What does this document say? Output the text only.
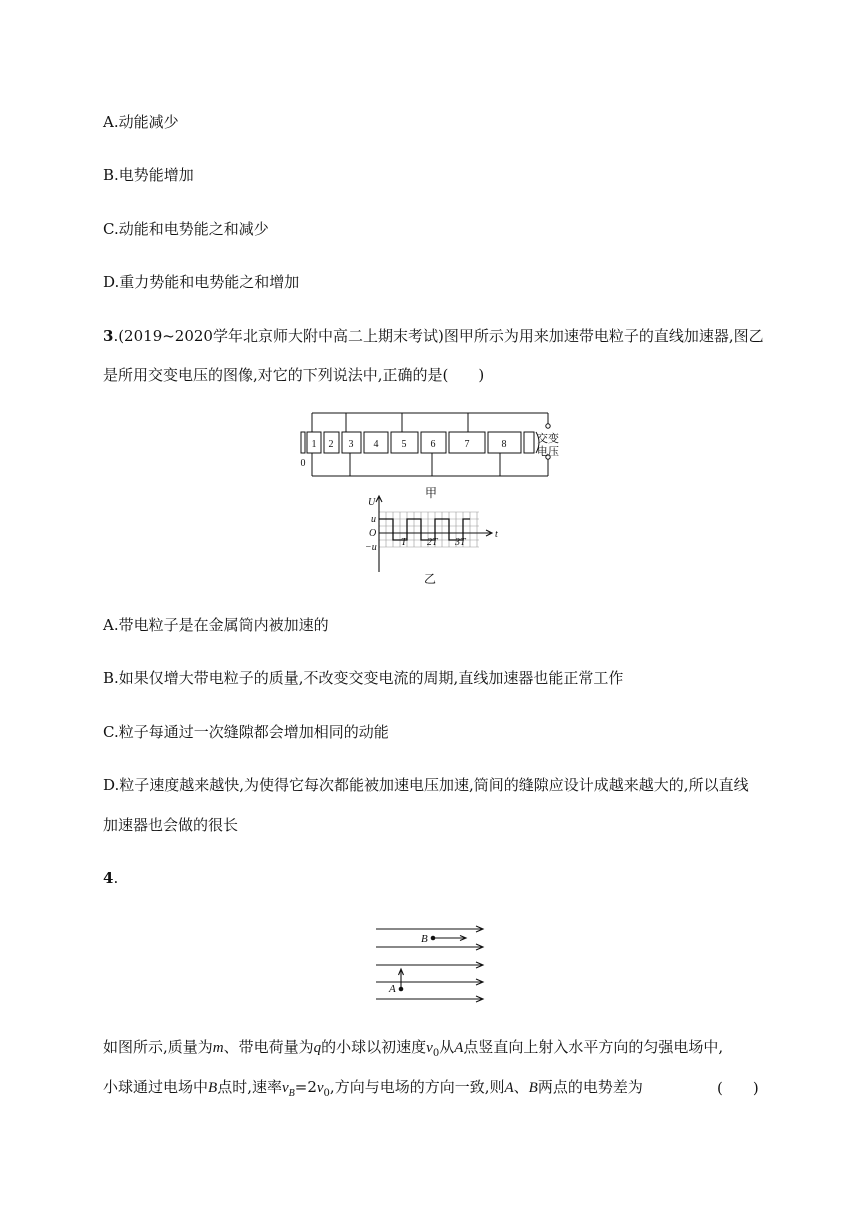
A.动能减少
B.电势能增加
C.动能和电势能之和减少
D.重力势能和电势能之和增加
3.(2019~2020学年北京师大附中高二上期末考试)图甲所示为用来加速带电粒子的直线加速器,图乙
是所用交变电压的图像,对它的下列说法中,正确的是(　　)
1 2 3 4 5 6	7	8
0
交变
电压
甲
U
t
u
O
−u T 2T 3T
乙
A.带电粒子是在金属筒内被加速的
B.如果仅增大带电粒子的质量,不改变交变电流的周期,直线加速器也能正常工作
C.粒子每通过一次缝隙都会增加相同的动能
D.粒子速度越来越快,为使得它每次都能被加速电压加速,筒间的缝隙应设计成越来越大的,所以直线
加速器也会做的很长
4.
B
A
如图所示,质量为m、带电荷量为q的小球以初速度$v_0$从A点竖直向上射入水平方向的匀强电场中,
小球通过电场中B点时,速率$v_B=2v_0$,方向与电场的方向一致,则A、B两点的电势差为	(　　)
